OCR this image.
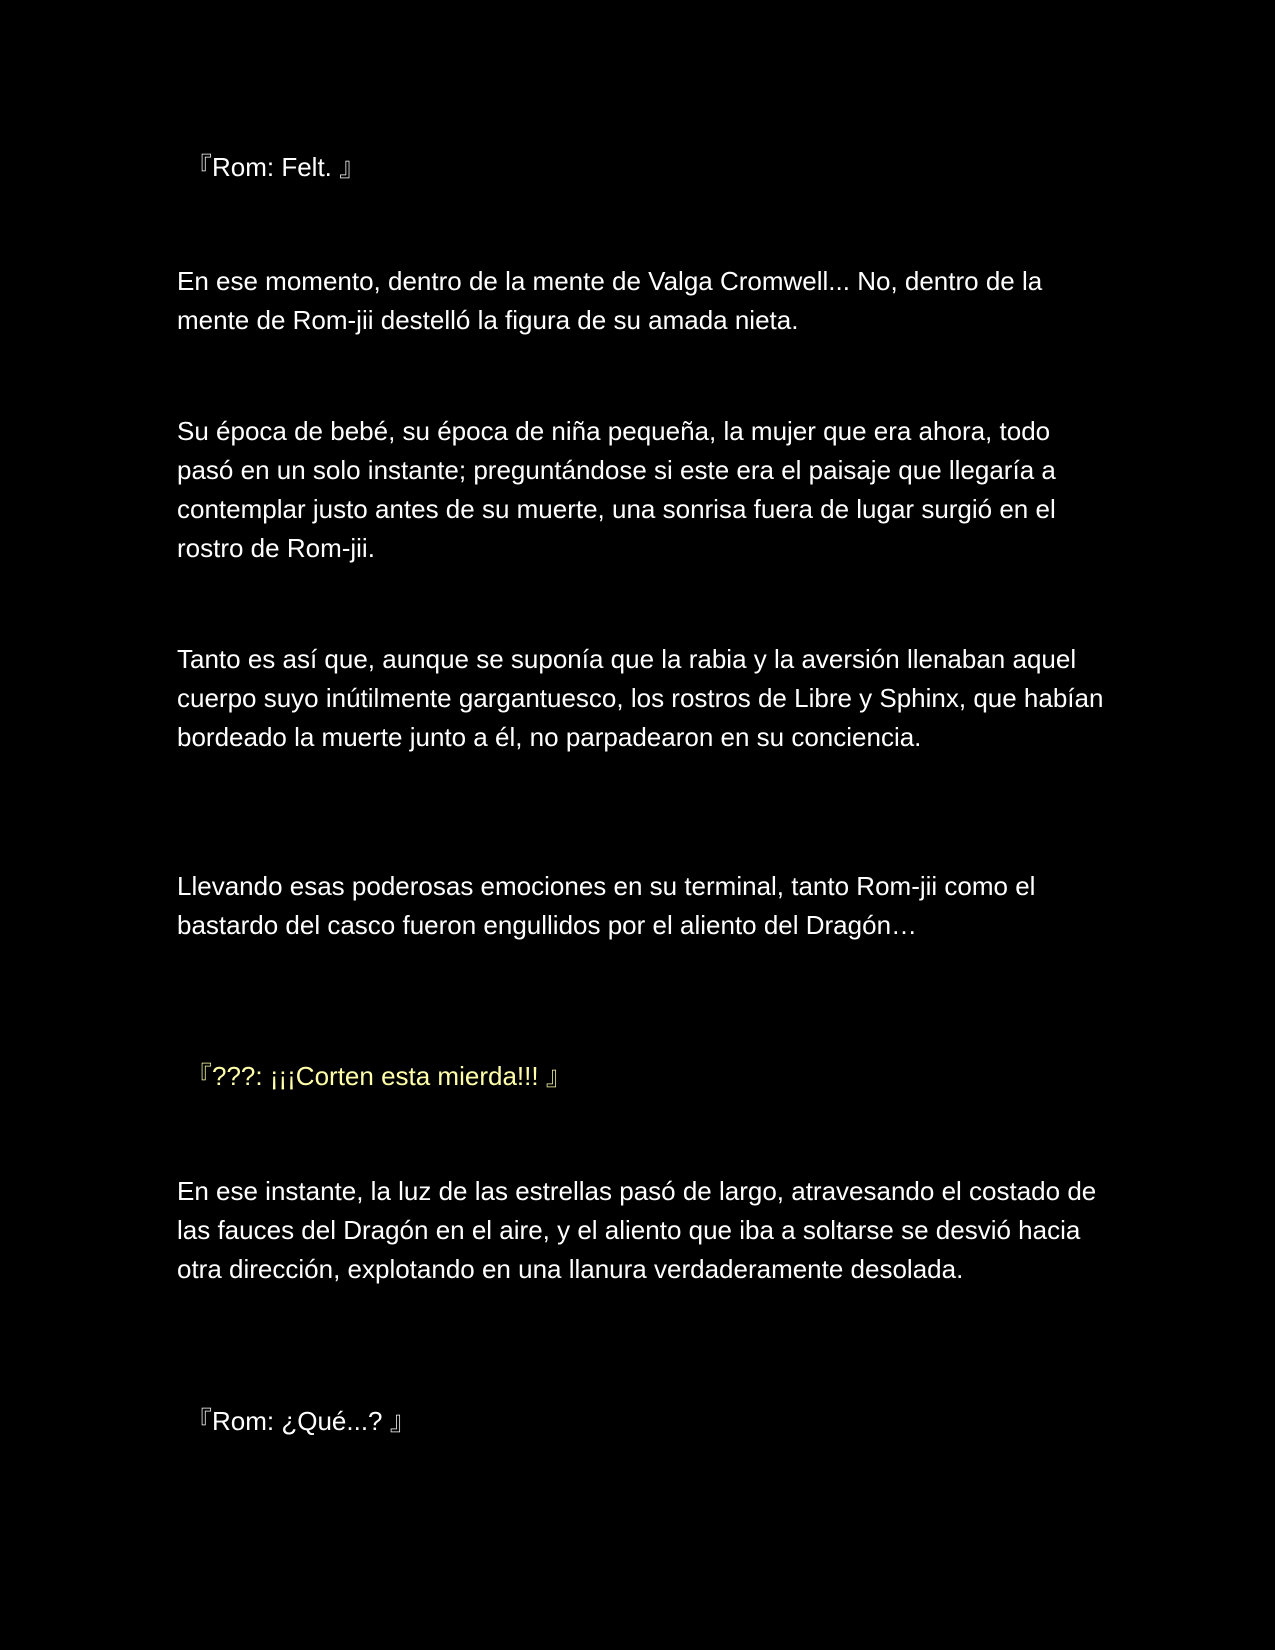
『Rom: Felt. 』

En ese momento, dentro de la mente de Valga Cromwell... No, dentro de la mente de Rom-jii destelló la figura de su amada nieta.

Su época de bebé, su época de niña pequeña, la mujer que era ahora, todo pasó en un solo instante; preguntándose si este era el paisaje que llegaría a contemplar justo antes de su muerte, una sonrisa fuera de lugar surgió en el rostro de Rom-jii.

Tanto es así que, aunque se suponía que la rabia y la aversión llenaban aquel cuerpo suyo inútilmente gargantuesco, los rostros de Libre y Sphinx, que habían bordeado la muerte junto a él, no parpadearon en su conciencia.

Llevando esas poderosas emociones en su terminal, tanto Rom-jii como el bastardo del casco fueron engullidos por el aliento del Dragón…

『???: ¡¡¡Corten esta mierda!!! 』

En ese instante, la luz de las estrellas pasó de largo, atravesando el costado de las fauces del Dragón en el aire, y el aliento que iba a soltarse se desvió hacia otra dirección, explotando en una llanura verdaderamente desolada.

『Rom: ¿Qué...? 』
